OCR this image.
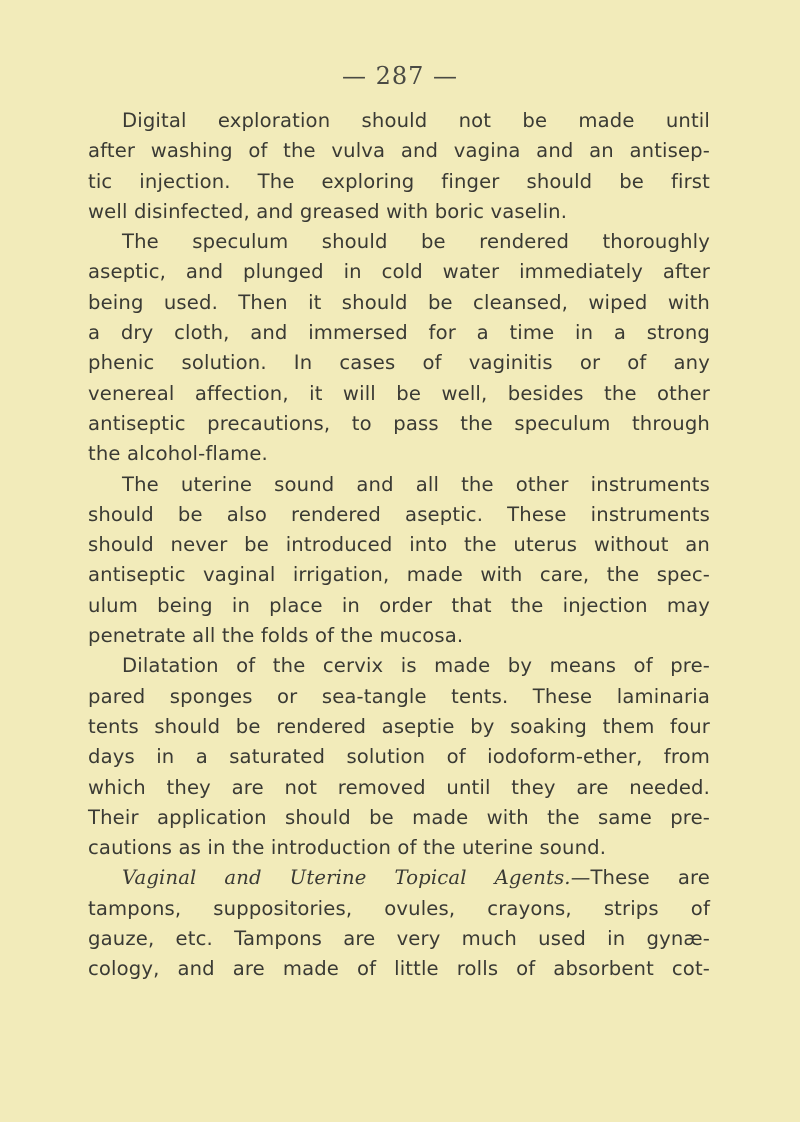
— 287 —
Digital exploration should not be made until
after washing of the vulva and vagina and an antisep-
tic injection. The exploring finger should be first
well disinfected, and greased with boric vaselin.
The speculum should be rendered thoroughly
aseptic, and plunged in cold water immediately after
being used. Then it should be cleansed, wiped with
a dry cloth, and immersed for a time in a strong
phenic solution. In cases of vaginitis or of any
venereal affection, it will be well, besides the other
antiseptic precautions, to pass the speculum through
the alcohol-flame.
The uterine sound and all the other instruments
should be also rendered aseptic. These instruments
should never be introduced into the uterus without an
antiseptic vaginal irrigation, made with care, the spec-
ulum being in place in order that the injection may
penetrate all the folds of the mucosa.
Dilatation of the cervix is made by means of pre-
pared sponges or sea-tangle tents. These laminaria
tents should be rendered aseptie by soaking them four
days in a saturated solution of iodoform-ether, from
which they are not removed until they are needed.
Their application should be made with the same pre-
cautions as in the introduction of the uterine sound.
Vaginal and Uterine Topical Agents.—These are
tampons, suppositories, ovules, crayons, strips of
gauze, etc. Tampons are very much used in gynæ-
cology, and are made of little rolls of absorbent cot-
